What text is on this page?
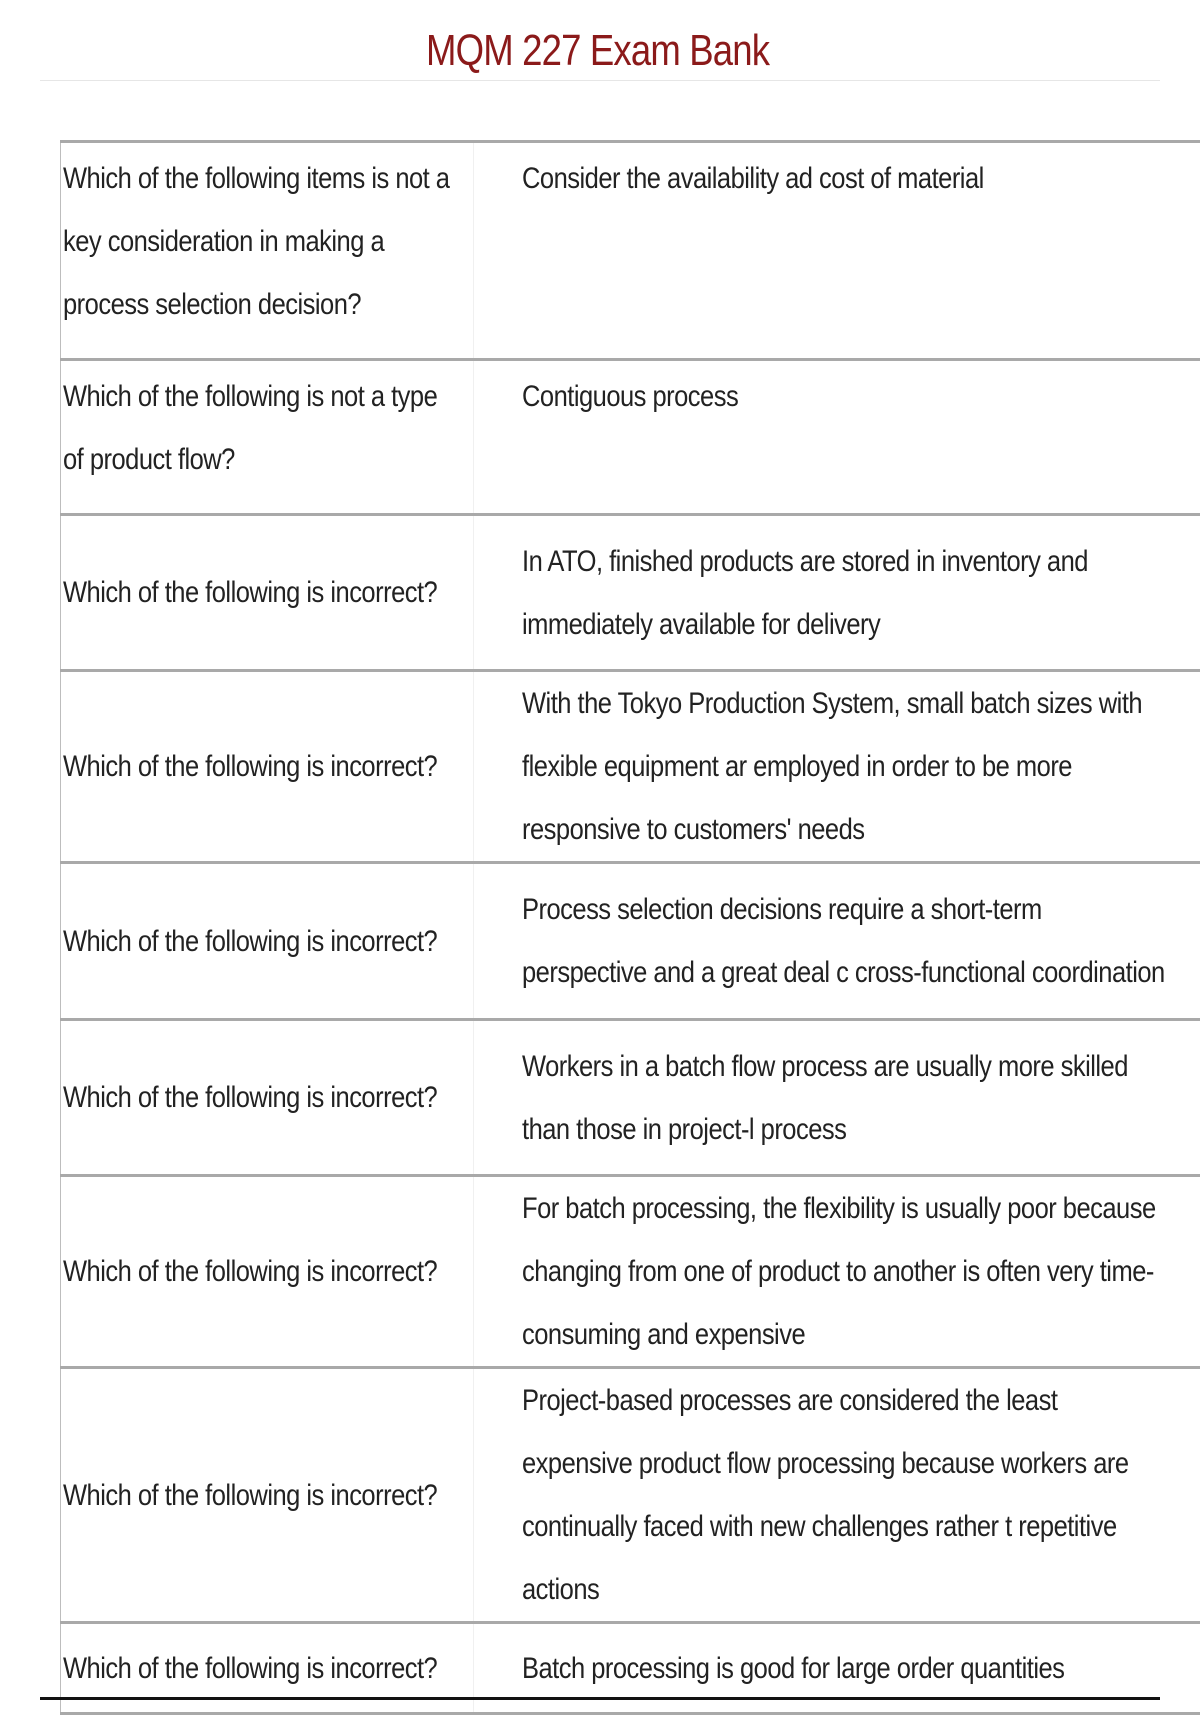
MQM 227 Exam Bank
Which of the following items is not a key consideration in making a process selection decision?	Consider the availability ad cost of material

Which of the following is not a type of product flow?	Contiguous process

Which of the following is incorrect?	In ATO, finished products are stored in inventory and immediately available for delivery

Which of the following is incorrect?	With the Tokyo Production System, small batch sizes with flexible equipment ar employed in order to be more responsive to customers' needs

Which of the following is incorrect?	Process selection decisions require a short-term perspective and a great deal c cross-functional coordination

Which of the following is incorrect?	Workers in a batch flow process are usually more skilled than those in project-l process

Which of the following is incorrect?	For batch processing, the flexibility is usually poor because changing from one of product to another is often very time-consuming and expensive

Which of the following is incorrect?	Project-based processes are considered the least expensive product flow processing because workers are continually faced with new challenges rather t repetitive actions

Which of the following is incorrect?	Batch processing is good for large order quantities
